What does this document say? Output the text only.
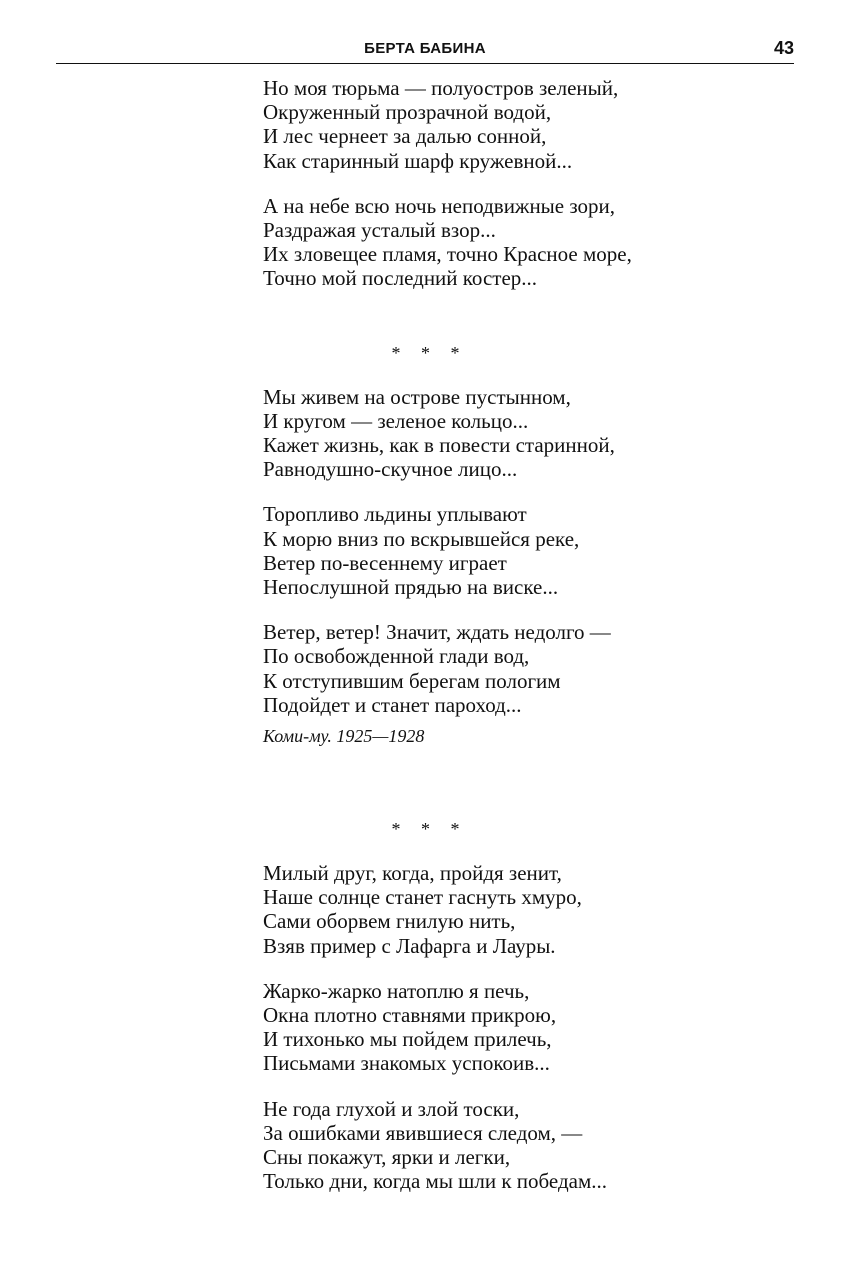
БЕРТА БАБИНА	43
Но моя тюрьма — полуостров зеленый,
Окруженный прозрачной водой,
И лес чернеет за далью сонной,
Как старинный шарф кружевной...
А на небе всю ночь неподвижные зори,
Раздражая усталый взор...
Их зловещее пламя, точно Красное море,
Точно мой последний костер...
* * *
Мы живем на острове пустынном,
И кругом — зеленое кольцо...
Кажет жизнь, как в повести старинной,
Равнодушно-скучное лицо...
Торопливо льдины уплывают
К морю вниз по вскрывшейся реке,
Ветер по-весеннему играет
Непослушной прядью на виске...
Ветер, ветер! Значит, ждать недолго —
По освобожденной глади вод,
К отступившим берегам пологим
Подойдет и станет пароход...
Коми-му. 1925—1928
* * *
Милый друг, когда, пройдя зенит,
Наше солнце станет гаснуть хмуро,
Сами оборвем гнилую нить,
Взяв пример с Лафарга и Лауры.
Жарко-жарко натоплю я печь,
Окна плотно ставнями прикрою,
И тихонько мы пойдем прилечь,
Письмами знакомых успокоив...
Не года глухой и злой тоски,
За ошибками явившиеся следом, —
Сны покажут, ярки и легки,
Только дни, когда мы шли к победам...
